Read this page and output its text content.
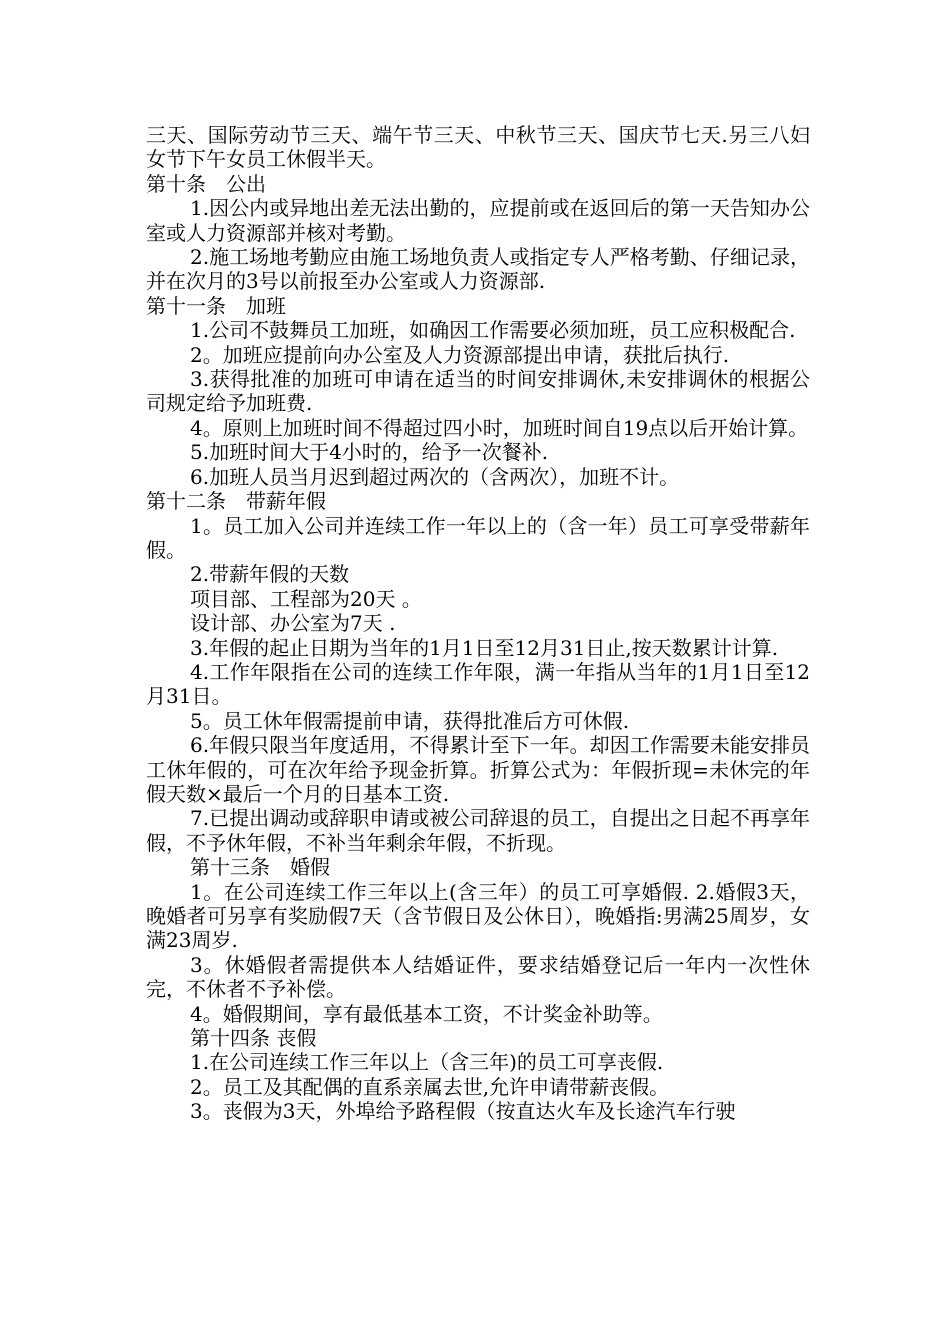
三天、国际劳动节三天、端午节三天、中秋节三天、国庆节七天.另三八妇女节下午女员工休假半天。

第十条　公出

1.因公内或异地出差无法出勤的，应提前或在返回后的第一天告知办公室或人力资源部并核对考勤。

2.施工场地考勤应由施工场地负责人或指定专人严格考勤、仔细记录，并在次月的3号以前报至办公室或人力资源部.

第十一条　加班

1.公司不鼓舞员工加班，如确因工作需要必须加班，员工应积极配合.

2。加班应提前向办公室及人力资源部提出申请，获批后执行.

3.获得批准的加班可申请在适当的时间安排调休,未安排调休的根据公司规定给予加班费.

4。原则上加班时间不得超过四小时，加班时间自19点以后开始计算。

5.加班时间大于4小时的，给予一次餐补.

6.加班人员当月迟到超过两次的（含两次），加班不计。

第十二条　带薪年假

1。员工加入公司并连续工作一年以上的（含一年）员工可享受带薪年假。

2.带薪年假的天数

项目部、工程部为20天 。

设计部、办公室为7天 .

3.年假的起止日期为当年的1月1日至12月31日止,按天数累计计算.

4.工作年限指在公司的连续工作年限，满一年指从当年的1月1日至12月31日。

5。员工休年假需提前申请，获得批准后方可休假.

6.年假只限当年度适用，不得累计至下一年。却因工作需要未能安排员工休年假的，可在次年给予现金折算。折算公式为：年假折现=未休完的年假天数×最后一个月的日基本工资.

7.已提出调动或辞职申请或被公司辞退的员工，自提出之日起不再享年假，不予休年假，不补当年剩余年假，不折现。

第十三条　婚假

1。在公司连续工作三年以上(含三年）的员工可享婚假. 2.婚假3天，晚婚者可另享有奖励假7天（含节假日及公休日），晚婚指:男满25周岁，女满23周岁.

3。休婚假者需提供本人结婚证件，要求结婚登记后一年内一次性休完，不休者不予补偿。

4。婚假期间，享有最低基本工资，不计奖金补助等。

第十四条 丧假

1.在公司连续工作三年以上（含三年)的员工可享丧假.

2。员工及其配偶的直系亲属去世,允许申请带薪丧假。

3。丧假为3天，外埠给予路程假（按直达火车及长途汽车行驶
